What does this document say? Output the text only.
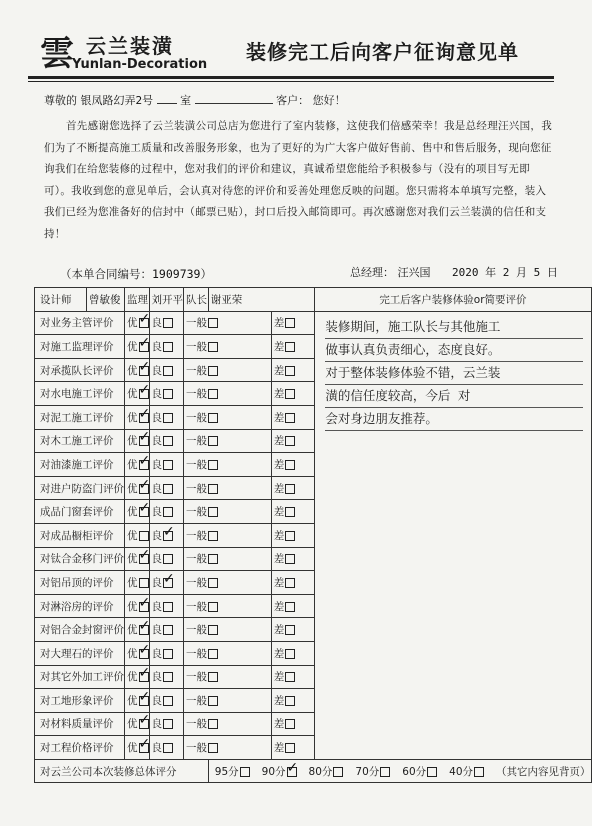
雲 云兰装潢
Yunlan-Decoration
装修完工后向客户征询意见单
尊敬的 银凤路幻弄2号 室	客户： 您好！
首先感谢您选择了云兰装潢公司总店为您进行了室内装修，这使我们倍感荣幸！我是总经理汪兴国，我们为了不断提高施工质量和改善服务形象，也为了更好的为广大客户做好售前、售中和售后服务，现向您征询我们在给您装修的过程中，您对我们的评价和建议，真诚希望您能给予积极参与（没有的项目写无即可）。我收到您的意见单后，会认真对待您的评价和妥善处理您反映的问题。您只需将本单填写完整，装入我们已经为您准备好的信封中（邮票已贴），封口后投入邮筒即可。再次感谢您对我们云兰装潢的信任和支持！
（本单合同编号：1909739）	总经理： 汪兴国 2020 年 2 月 5 日
设计师	曾敏俊	监理	刘开平	队长	谢亚荣		完工后客户装修体验or简要评价
对业务主管评价		优✓	良	一般		差	装修期间，施工队长与其他施工
做事认真负责细心，态度良好。
对于整体装修体验不错，云兰装
潢的信任度较高，今后 对
会对身边朋友推荐。

对施工监理评价		优✓	良	一般		差	
对承揽队长评价		优✓	良	一般		差	
对水电施工评价		优✓	良	一般		差	
对泥工施工评价		优✓	良	一般		差	
对木工施工评价		优✓	良	一般		差	
对油漆施工评价		优✓	良	一般		差	
对进户防盗门评价		优✓	良	一般		差	
成品门窗套评价		优✓	良	一般		差	
对成品橱柜评价		优	良✓	一般		差	
对钛合金移门评价		优✓	良	一般		差	
对铝吊顶的评价		优	良✓	一般		差	
对淋浴房的评价		优✓	良	一般		差	
对铝合金封窗评价		优✓	良	一般		差	
对大理石的评价		优✓	良	一般		差	
对其它外加工评价		优✓	良	一般		差	
对工地形象评价		优✓	良	一般		差	
对材料质量评价		优✓	良	一般		差	
对工程价格评价		优✓	良	一般		差	
对云兰公司本次装修总体评分					95分 90分 ✓ 80分 70分 60分 40分 （其它内容见背页）
